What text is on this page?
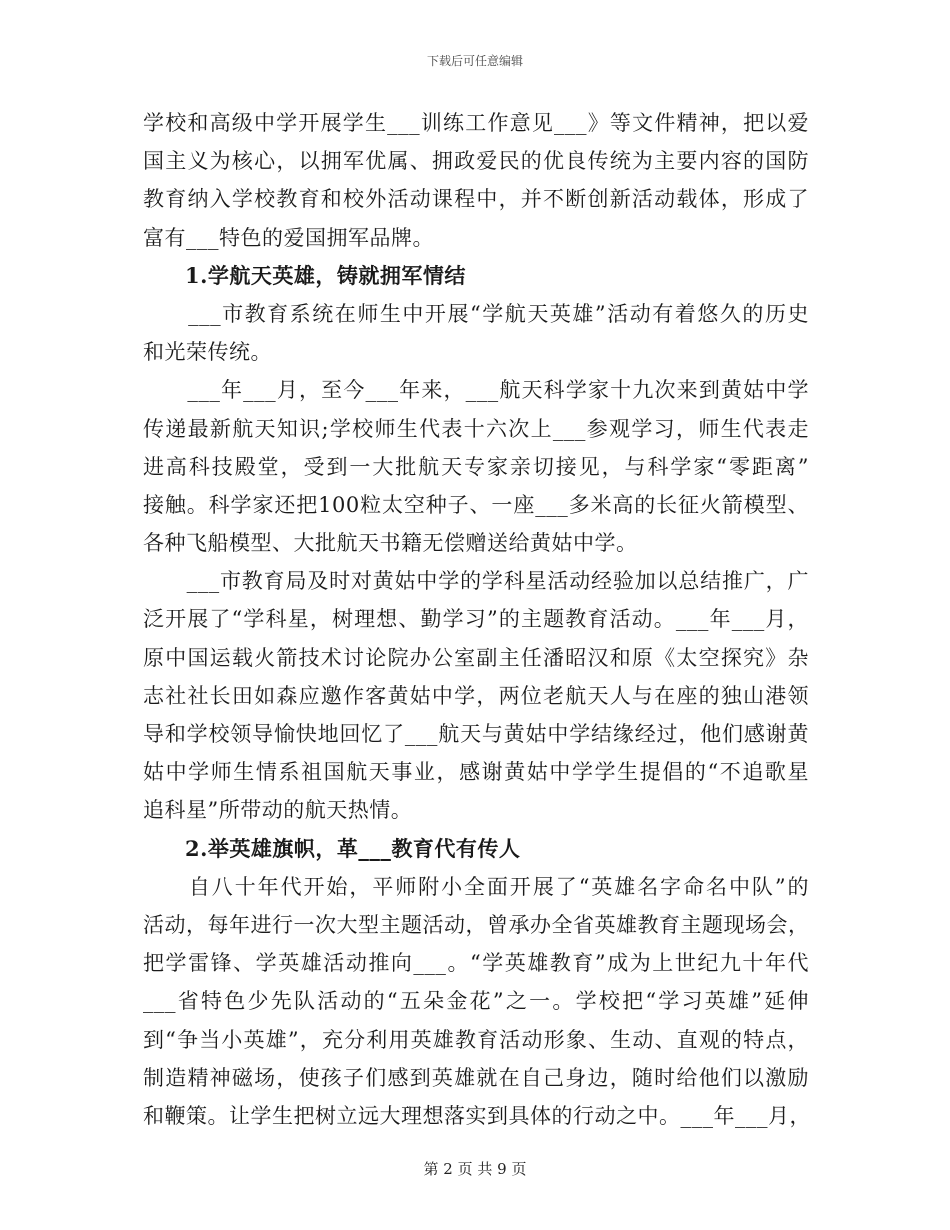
下载后可任意编辑
学校和高级中学开展学生___训练工作意见___》等文件精神，把以爱
国主义为核心，以拥军优属、拥政爱民的优良传统为主要内容的国防
教育纳入学校教育和校外活动课程中，并不断创新活动载体，形成了
富有___特色的爱国拥军品牌。
1.学航天英雄，铸就拥军情结
　　___市教育系统在师生中开展“学航天英雄”活动有着悠久的历史
和光荣传统。
　　___年___月，至今___年来，___航天科学家十九次来到黄姑中学
传递最新航天知识;学校师生代表十六次上___参观学习，师生代表走
进高科技殿堂，受到一大批航天专家亲切接见，与科学家“零距离”
接触。科学家还把100粒太空种子、一座___多米高的长征火箭模型、
各种飞船模型、大批航天书籍无偿赠送给黄姑中学。
　　___市教育局及时对黄姑中学的学科星活动经验加以总结推广，广
泛开展了“学科星，树理想、勤学习”的主题教育活动。___年___月，
原中国运载火箭技术讨论院办公室副主任潘昭汉和原《太空探究》杂
志社社长田如森应邀作客黄姑中学，两位老航天人与在座的独山港领
导和学校领导愉快地回忆了___航天与黄姑中学结缘经过，他们感谢黄
姑中学师生情系祖国航天事业，感谢黄姑中学学生提倡的“不追歌星
追科星”所带动的航天热情。
2.举英雄旗帜，革___教育代有传人
　　自八十年代开始，平师附小全面开展了“英雄名字命名中队”的
活动，每年进行一次大型主题活动，曾承办全省英雄教育主题现场会，
把学雷锋、学英雄活动推向___。“学英雄教育”成为上世纪九十年代
___省特色少先队活动的“五朵金花”之一。学校把“学习英雄”延伸
到“争当小英雄”，充分利用英雄教育活动形象、生动、直观的特点，
制造精神磁场，使孩子们感到英雄就在自己身边，随时给他们以激励
和鞭策。让学生把树立远大理想落实到具体的行动之中。___年___月，
第 2 页 共 9 页
